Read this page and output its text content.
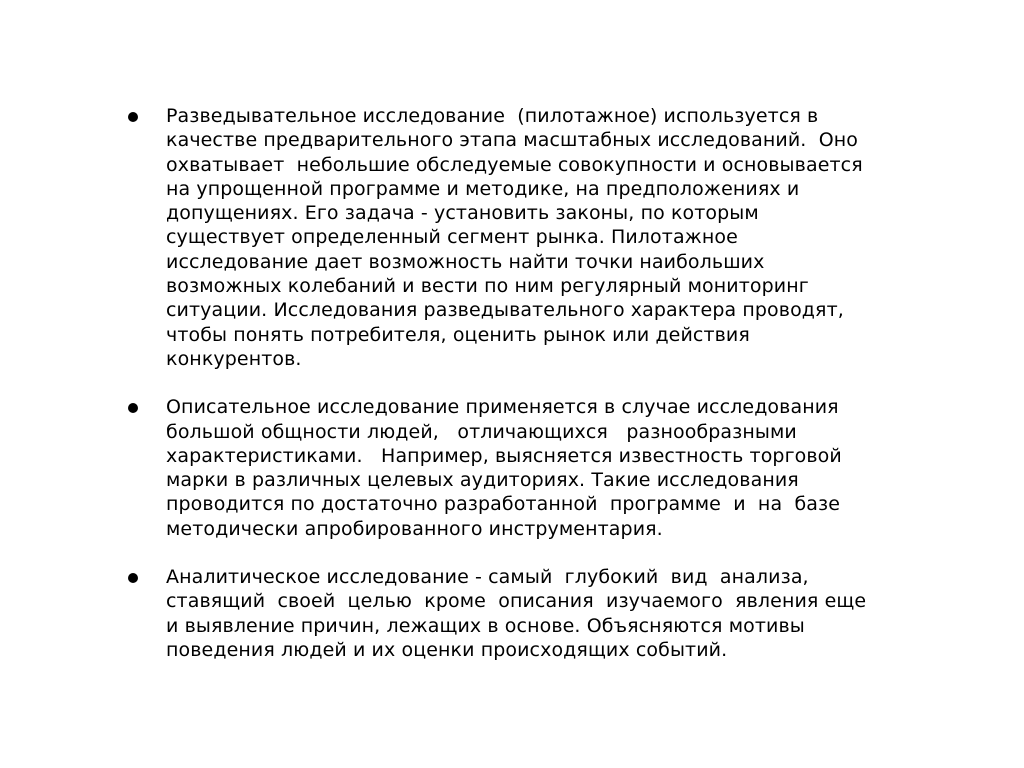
Разведывательное исследование  (пилотажное) используется в
качестве предварительного этапа масштабных исследований.  Оно
охватывает  небольшие обследуемые совокупности и основывается
на упрощенной программе и методике, на предположениях и
допущениях. Его задача - установить законы, по которым
существует определенный сегмент рынка. Пилотажное
исследование дает возможность найти точки наибольших
возможных колебаний и вести по ним регулярный мониторинг
ситуации. Исследования разведывательного характера проводят,
чтобы понять потребителя, оценить рынок или действия
конкурентов.
Описательное исследование применяется в случае исследования
большой общности людей,   отличающихся   разнообразными
характеристиками.   Например, выясняется известность торговой
марки в различных целевых аудиториях. Такие исследования
проводится по достаточно разработанной  программе  и  на  базе
методически апробированного инструментария.
Аналитическое исследование - самый  глубокий  вид  анализа,
ставящий  своей  целью  кроме  описания  изучаемого  явления еще
и выявление причин, лежащих в основе. Объясняются мотивы
поведения людей и их оценки происходящих событий.
